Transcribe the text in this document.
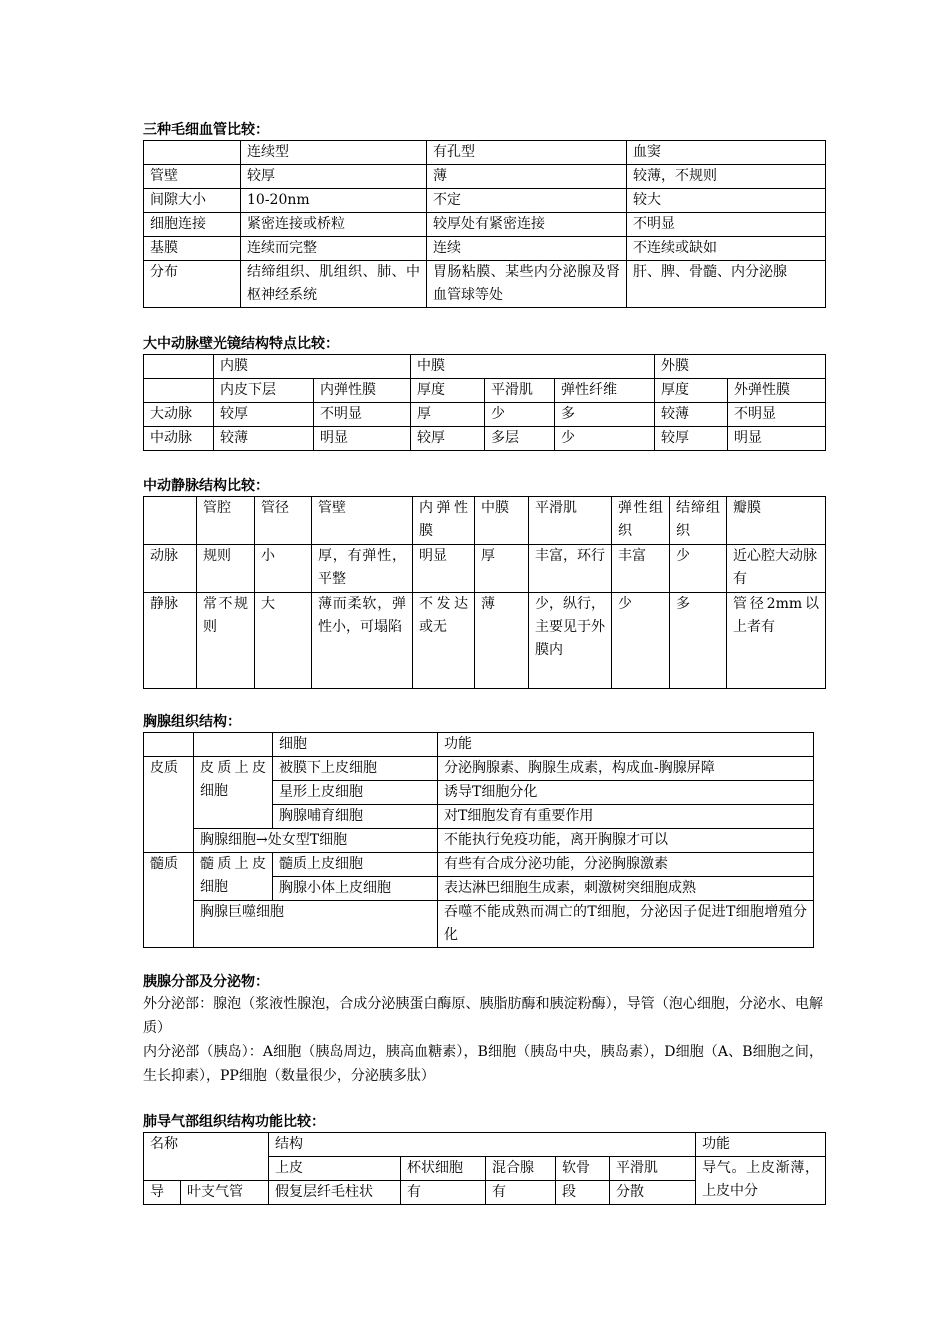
三种毛细血管比较：
	连续型	有孔型	血窦
管壁	较厚	薄	较薄，不规则
间隙大小	10-20nm	不定	较大
细胞连接	紧密连接或桥粒	较厚处有紧密连接	不明显
基膜	连续而完整	连续	不连续或缺如
分布	结缔组织、肌组织、肺、中枢神经系统	胃肠粘膜、某些内分泌腺及肾血管球等处	肝、脾、骨髓、内分泌腺
大中动脉壁光镜结构特点比较：
	内膜		中膜			外膜	
	内皮下层	内弹性膜	厚度	平滑肌	弹性纤维	厚度	外弹性膜
大动脉	较厚	不明显	厚	少	多	较薄	不明显
中动脉	较薄	明显	较厚	多层	少	较厚	明显
中动静脉结构比较：
	管腔	管径	管壁	内弹性膜	中膜	平滑肌	弹性组织	结缔组织	瓣膜
动脉	规则	小	厚，有弹性，平整	明显	厚	丰富，环行	丰富	少	近心腔大动脉有
静脉	常不规则	大	薄而柔软，弹性小，可塌陷	不发达或无	薄	少，纵行，主要见于外膜内	少	多	管径2mm以上者有
胸腺组织结构：
		细胞	功能
皮质	皮质上皮细胞	被膜下上皮细胞	分泌胸腺素、胸腺生成素，构成血-胸腺屏障
		星形上皮细胞	诱导T细胞分化
		胸腺哺育细胞	对T细胞发育有重要作用
	胸腺细胞→处女型T细胞		不能执行免疫功能，离开胸腺才可以
髓质	髓质上皮细胞	髓质上皮细胞	有些有合成分泌功能，分泌胸腺激素
		胸腺小体上皮细胞	表达淋巴细胞生成素，刺激树突细胞成熟
	胸腺巨噬细胞		吞噬不能成熟而凋亡的T细胞，分泌因子促进T细胞增殖分化
胰腺分部及分泌物：
外分泌部：腺泡（浆液性腺泡，合成分泌胰蛋白酶原、胰脂肪酶和胰淀粉酶），导管（泡心细胞，分泌水、电解质）
内分泌部（胰岛）：A细胞（胰岛周边，胰高血糖素），B细胞（胰岛中央，胰岛素），D细胞（A、B细胞之间，生长抑素），PP细胞（数量很少，分泌胰多肽）
肺导气部组织结构功能比较：
名称		结构					功能
		上皮	杯状细胞	混合腺	软骨	平滑肌	导气。上皮渐薄，上皮中分
导	叶支气管	假复层纤毛柱状	有	有	段	分散	
